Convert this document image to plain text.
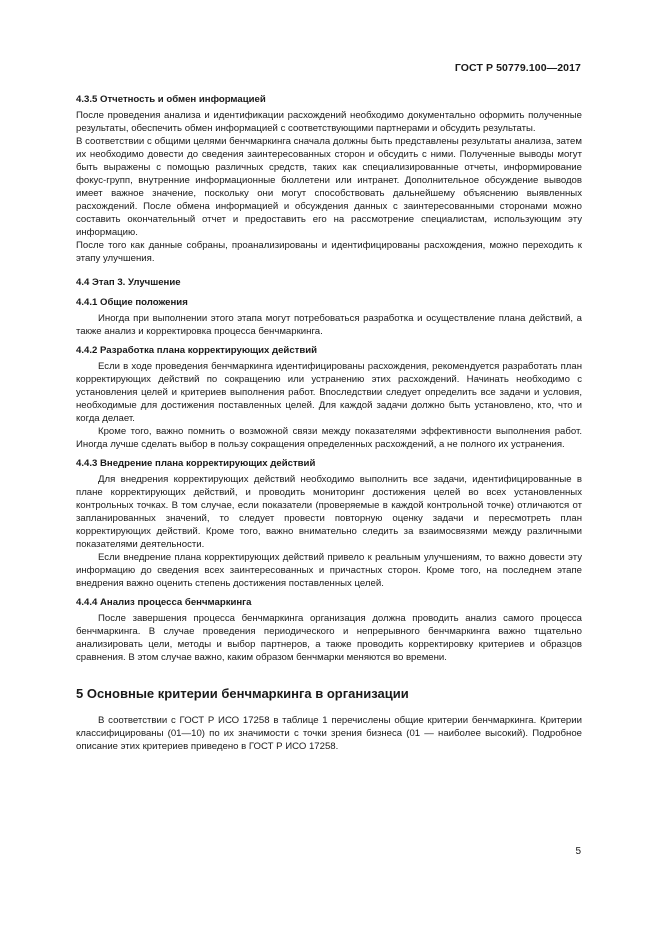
ГОСТ Р 50779.100—2017

4.3.5 Отчетность и обмен информацией

После проведения анализа и идентификации расхождений необходимо документально оформить полученные результаты, обеспечить обмен информацией с соответствующими партнерами и обсудить результаты.

В соответствии с общими целями бенчмаркинга сначала должны быть представлены результаты анализа, затем их необходимо довести до сведения заинтересованных сторон и обсудить с ними. Полученные выводы могут быть выражены с помощью различных средств, таких как специализированные отчеты, информирование фокус-групп, внутренние информационные бюллетени или интранет. Дополнительное обсуждение выводов имеет важное значение, поскольку они могут способствовать дальнейшему объяснению выявленных расхождений. После обмена информацией и обсуждения данных с заинтересованными сторонами можно составить окончательный отчет и предоставить его на рассмотрение специалистам, использующим эту информацию.

После того как данные собраны, проанализированы и идентифицированы расхождения, можно переходить к этапу улучшения.

4.4 Этап 3. Улучшение

4.4.1 Общие положения

Иногда при выполнении этого этапа могут потребоваться разработка и осуществление плана действий, а также анализ и корректировка процесса бенчмаркинга.

4.4.2 Разработка плана корректирующих действий

Если в ходе проведения бенчмаркинга идентифицированы расхождения, рекомендуется разработать план корректирующих действий по сокращению или устранению этих расхождений. Начинать необходимо с установления целей и критериев выполнения работ. Впоследствии следует определить все задачи и условия, необходимые для достижения поставленных целей. Для каждой задачи должно быть установлено, кто, что и когда делает.

Кроме того, важно помнить о возможной связи между показателями эффективности выполнения работ. Иногда лучше сделать выбор в пользу сокращения определенных расхождений, а не полного их устранения.

4.4.3 Внедрение плана корректирующих действий

Для внедрения корректирующих действий необходимо выполнить все задачи, идентифицированные в плане корректирующих действий, и проводить мониторинг достижения целей во всех установленных контрольных точках. В том случае, если показатели (проверяемые в каждой контрольной точке) отличаются от запланированных значений, то следует провести повторную оценку задачи и пересмотреть план корректирующих действий. Кроме того, важно внимательно следить за взаимосвязями между различными показателями деятельности.

Если внедрение плана корректирующих действий привело к реальным улучшениям, то важно довести эту информацию до сведения всех заинтересованных и причастных сторон. Кроме того, на последнем этапе внедрения важно оценить степень достижения поставленных целей.

4.4.4 Анализ процесса бенчмаркинга

После завершения процесса бенчмаркинга организация должна проводить анализ самого процесса бенчмаркинга. В случае проведения периодического и непрерывного бенчмаркинга важно тщательно анализировать цели, методы и выбор партнеров, а также проводить корректировку критериев и образцов сравнения. В этом случае важно, каким образом бенчмарки меняются во времени.

5 Основные критерии бенчмаркинга в организации

В соответствии с ГОСТ Р ИСО 17258 в таблице 1 перечислены общие критерии бенчмаркинга. Критерии классифицированы (01—10) по их значимости с точки зрения бизнеса (01 — наиболее высокий). Подробное описание этих критериев приведено в ГОСТ Р ИСО 17258.

5
